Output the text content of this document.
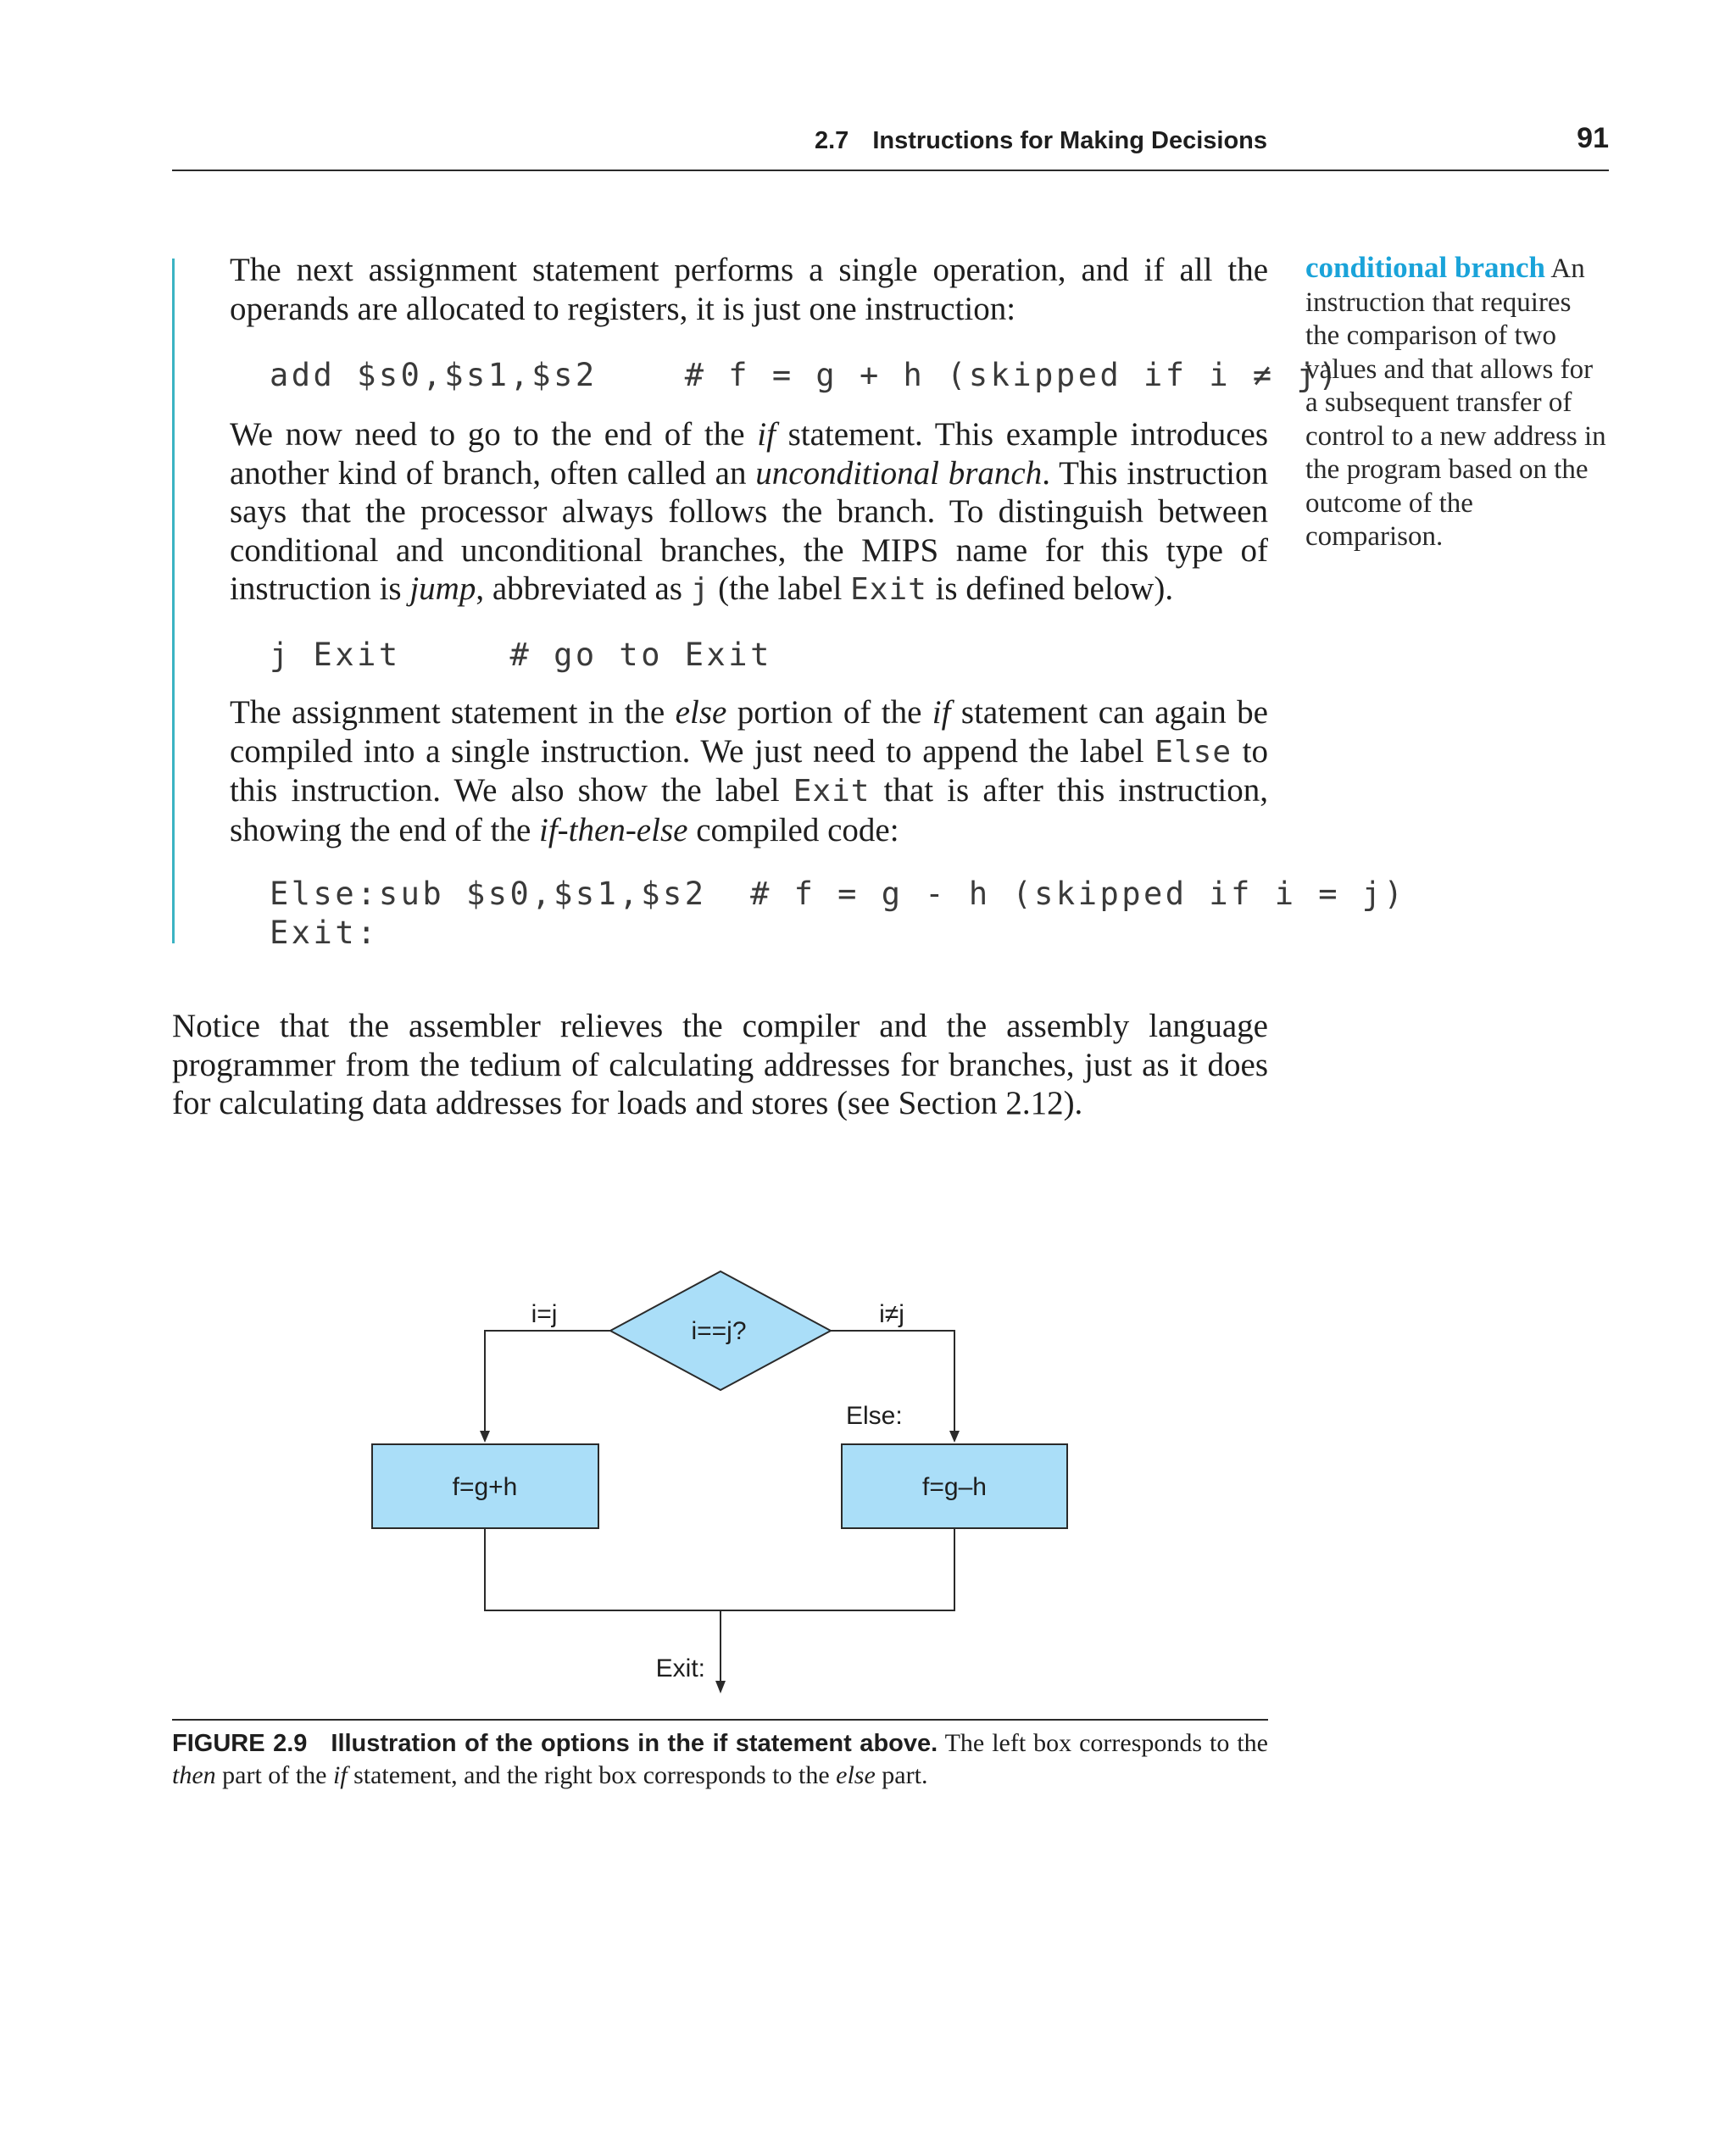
2.7 Instructions for Making Decisions	91

The next assignment statement performs a single operation, and if all the operands are allocated to registers, it is just one instruction:

add $s0,$s1,$s2    # f = g + h (skipped if i ≠ j)

We now need to go to the end of the if statement. This example introduces another kind of branch, often called an unconditional branch. This instruction says that the processor always follows the branch. To distinguish between conditional and unconditional branches, the MIPS name for this type of instruction is jump, abbreviated as j (the label Exit is defined below).

j Exit     # go to Exit

The assignment statement in the else portion of the if statement can again be compiled into a single instruction. We just need to append the label Else to this instruction. We also show the label Exit that is after this instruction, showing the end of the if-then-else compiled code:

Else:sub $s0,$s1,$s2  # f = g - h (skipped if i = j)
Exit:

Notice that the assembler relieves the compiler and the assembly language programmer from the tedium of calculating addresses for branches, just as it does for calculating data addresses for loads and stores (see Section 2.12).

conditional branch An instruction that requires the comparison of two values and that allows for a subsequent transfer of control to a new address in the program based on the outcome of the comparison.
i==j?
i=j	i≠j
Else:
f=g+h	f=g–h
Exit:

FIGURE 2.9 Illustration of the options in the if statement above. The left box corresponds to the then part of the if statement, and the right box corresponds to the else part.
